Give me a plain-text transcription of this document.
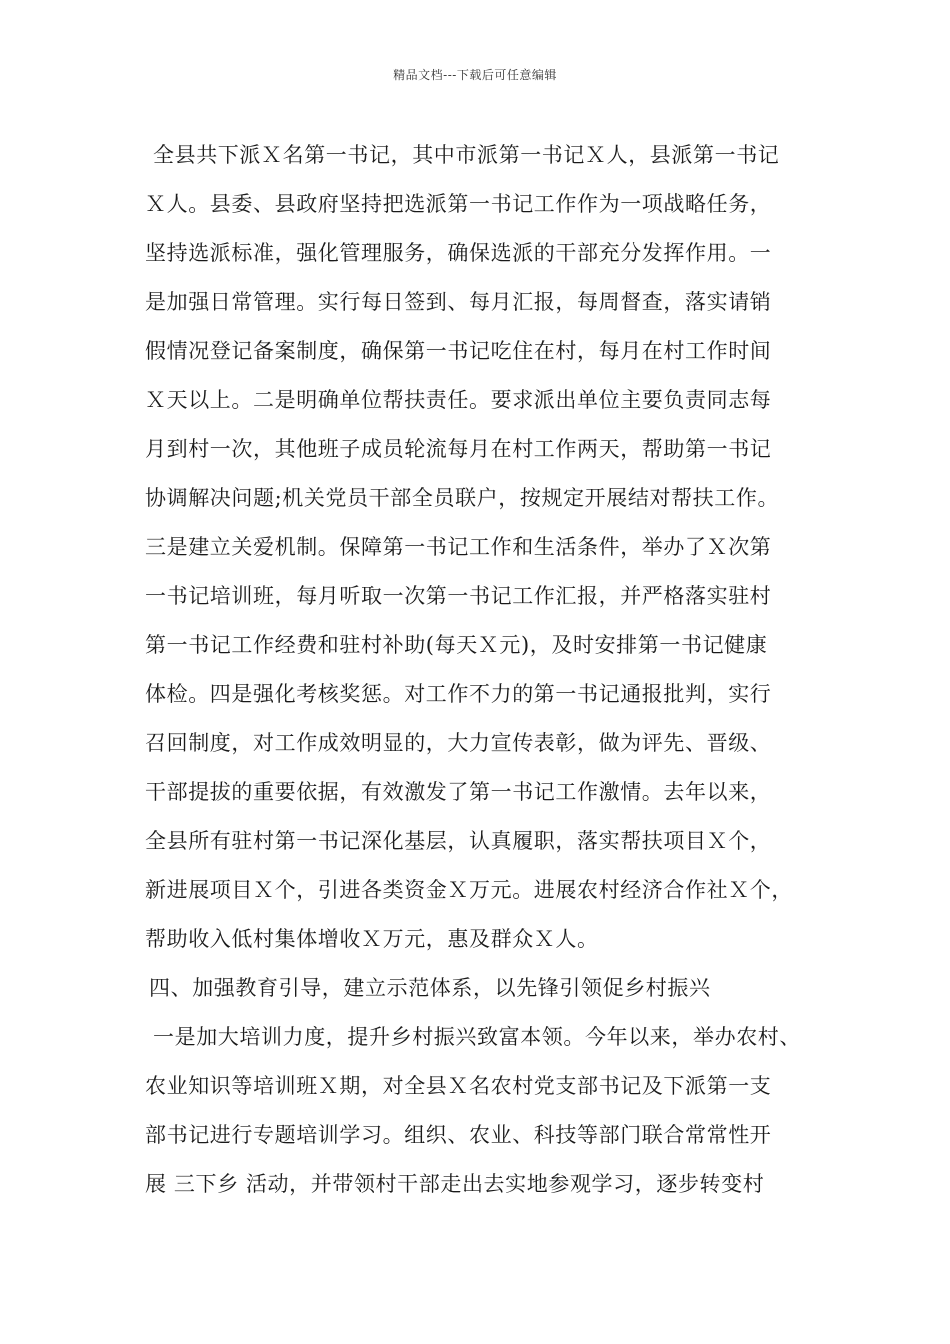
精品文档---下载后可任意编辑
全县共下派Ｘ名第一书记，其中市派第一书记Ｘ人，县派第一书记
Ｘ人。县委、县政府坚持把选派第一书记工作作为一项战略任务，
坚持选派标准，强化管理服务，确保选派的干部充分发挥作用。一
是加强日常管理。实行每日签到、每月汇报，每周督查，落实请销
假情况登记备案制度，确保第一书记吃住在村，每月在村工作时间
Ｘ天以上。二是明确单位帮扶责任。要求派出单位主要负责同志每
月到村一次，其他班子成员轮流每月在村工作两天，帮助第一书记
协调解决问题;机关党员干部全员联户，按规定开展结对帮扶工作。
三是建立关爱机制。保障第一书记工作和生活条件，举办了Ｘ次第
一书记培训班，每月听取一次第一书记工作汇报，并严格落实驻村
第一书记工作经费和驻村补助(每天Ｘ元)，及时安排第一书记健康
体检。四是强化考核奖惩。对工作不力的第一书记通报批判，实行
召回制度，对工作成效明显的，大力宣传表彰，做为评先、晋级、
干部提拔的重要依据，有效激发了第一书记工作激情。去年以来，
全县所有驻村第一书记深化基层，认真履职，落实帮扶项目Ｘ个，
新进展项目Ｘ个，引进各类资金Ｘ万元。进展农村经济合作社Ｘ个，
帮助收入低村集体增收Ｘ万元，惠及群众Ｘ人。
四、加强教育引导，建立示范体系，以先锋引领促乡村振兴
一是加大培训力度，提升乡村振兴致富本领。今年以来，举办农村、
农业知识等培训班Ｘ期，对全县Ｘ名农村党支部书记及下派第一支
部书记进行专题培训学习。组织、农业、科技等部门联合常常性开
展 三下乡 活动，并带领村干部走出去实地参观学习，逐步转变村
